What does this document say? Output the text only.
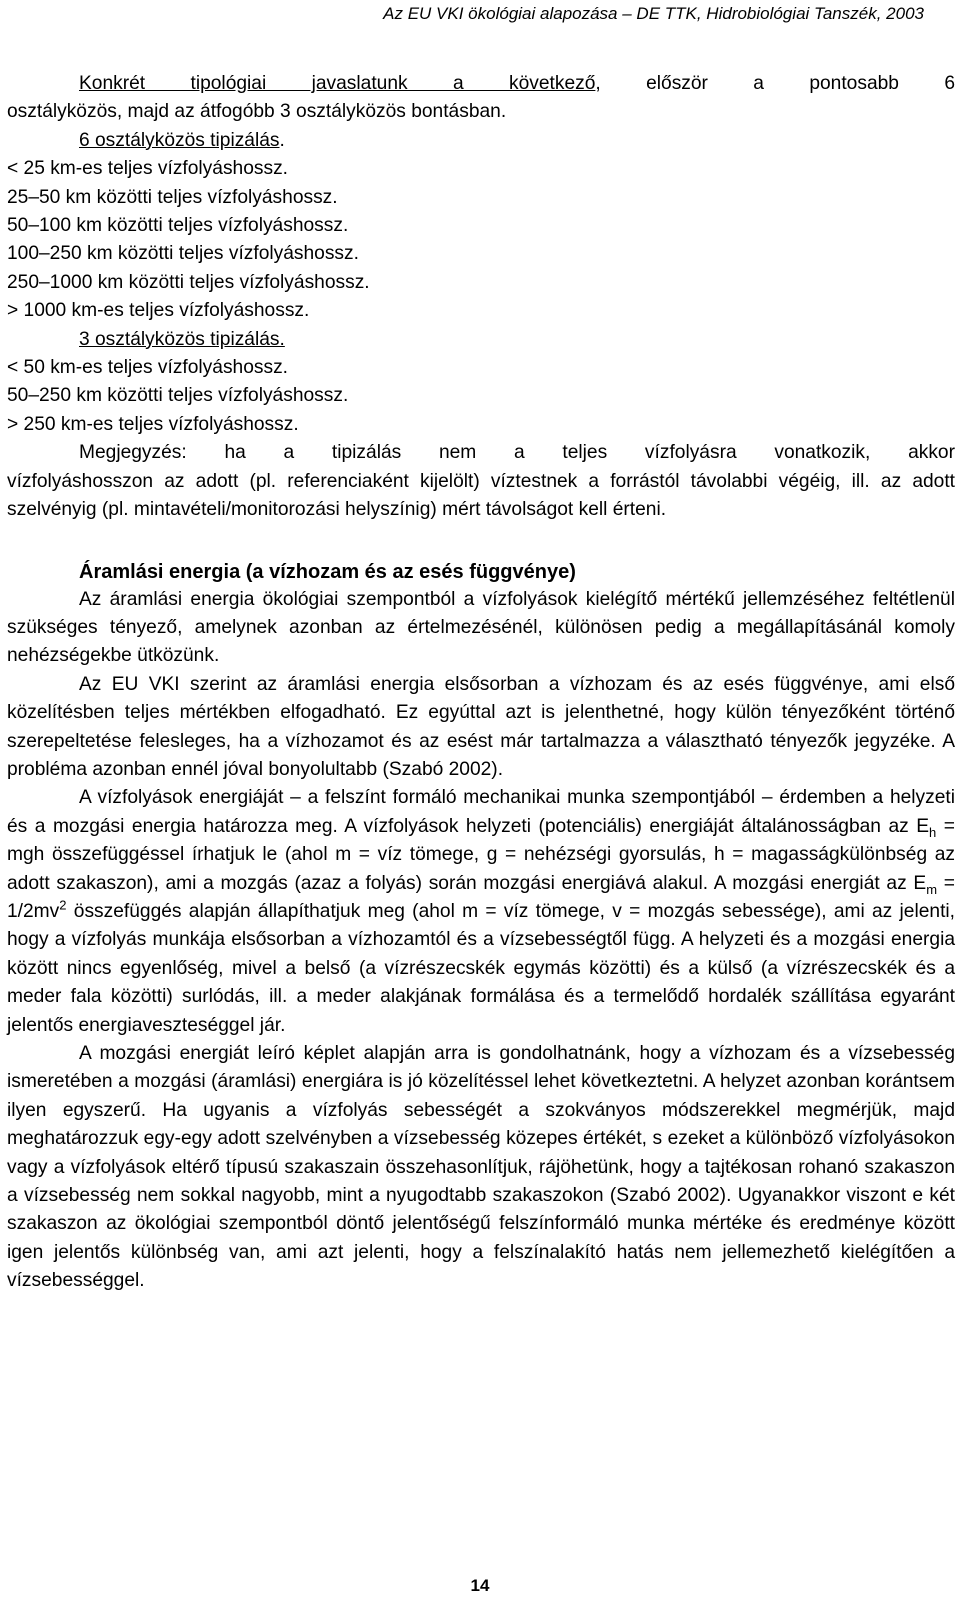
Az EU VKI ökológiai alapozása – DE TTK, Hidrobiológiai Tanszék, 2003

Konkrét tipológiai javaslatunk a következő, először a pontosabb 6

osztályközös, majd az átfogóbb 3 osztályközös bontásban.

6 osztályközös tipizálás.

< 25 km-es teljes vízfolyáshossz.

25–50 km közötti teljes vízfolyáshossz.

50–100 km közötti teljes vízfolyáshossz.

100–250 km közötti teljes vízfolyáshossz.

250–1000 km közötti teljes vízfolyáshossz.

> 1000 km-es teljes vízfolyáshossz.

3 osztályközös tipizálás.

< 50 km-es teljes vízfolyáshossz.

50–250 km közötti teljes vízfolyáshossz.

> 250 km-es teljes vízfolyáshossz.

Megjegyzés: ha a tipizálás nem a teljes vízfolyásra vonatkozik, akkor

vízfolyáshosszon az adott (pl. referenciaként kijelölt) víztestnek a forrástól távolabbi végéig, ill. az adott szelvényig (pl. mintavételi/monitorozási helyszínig) mért távolságot kell érteni.

Áramlási energia (a vízhozam és az esés függvénye)

Az áramlási energia ökológiai szempontból a vízfolyások kielégítő mértékű jellemzéséhez feltétlenül szükséges tényező, amelynek azonban az értelmezésénél, különösen pedig a megállapításánál komoly nehézségekbe ütközünk.

Az EU VKI szerint az áramlási energia elsősorban a vízhozam és az esés függvénye, ami első közelítésben teljes mértékben elfogadható. Ez egyúttal azt is jelenthetné, hogy külön tényezőként történő szerepeltetése felesleges, ha a vízhozamot és az esést már tartalmazza a választható tényezők jegyzéke. A probléma azonban ennél jóval bonyolultabb (Szabó 2002).

A vízfolyások energiáját – a felszínt formáló mechanikai munka szempontjából – érdemben a helyzeti és a mozgási energia határozza meg. A vízfolyások helyzeti (potenciális) energiáját általánosságban az $E_h$ = mgh összefüggéssel írhatjuk le (ahol m = víz tömege, g = nehézségi gyorsulás, h = magasságkülönbség az adott szakaszon), ami a mozgás (azaz a folyás) során mozgási energiává alakul. A mozgási energiát az $E_m = 1/2mv^2$ összefüggés alapján állapíthatjuk meg (ahol m = víz tömege, v = mozgás sebessége), ami az jelenti, hogy a vízfolyás munkája elsősorban a vízhozamtól és a vízsebességtől függ. A helyzeti és a mozgási energia között nincs egyenlőség, mivel a belső (a vízrészecskék egymás közötti) és a külső (a vízrészecskék és a meder fala közötti) surlódás, ill. a meder alakjának formálása és a termelődő hordalék szállítása egyaránt jelentős energiaveszteséggel jár.

A mozgási energiát leíró képlet alapján arra is gondolhatnánk, hogy a vízhozam és a vízsebesség ismeretében a mozgási (áramlási) energiára is jó közelítéssel lehet következtetni. A helyzet azonban korántsem ilyen egyszerű. Ha ugyanis a vízfolyás sebességét a szokványos módszerekkel megmérjük, majd meghatározzuk egy-egy adott szelvényben a vízsebesség közepes értékét, s ezeket a különböző vízfolyásokon vagy a vízfolyások eltérő típusú szakaszain összehasonlítjuk, rájöhetünk, hogy a tajtékosan rohanó szakaszon a vízsebesség nem sokkal nagyobb, mint a nyugodtabb szakaszokon (Szabó 2002). Ugyanakkor viszont e két szakaszon az ökológiai szempontból döntő jelentőségű felszínformáló munka mértéke és eredménye között igen jelentős különbség van, ami azt jelenti, hogy a felszínalakító hatás nem jellemezhető kielégítően a vízsebességgel.

14
